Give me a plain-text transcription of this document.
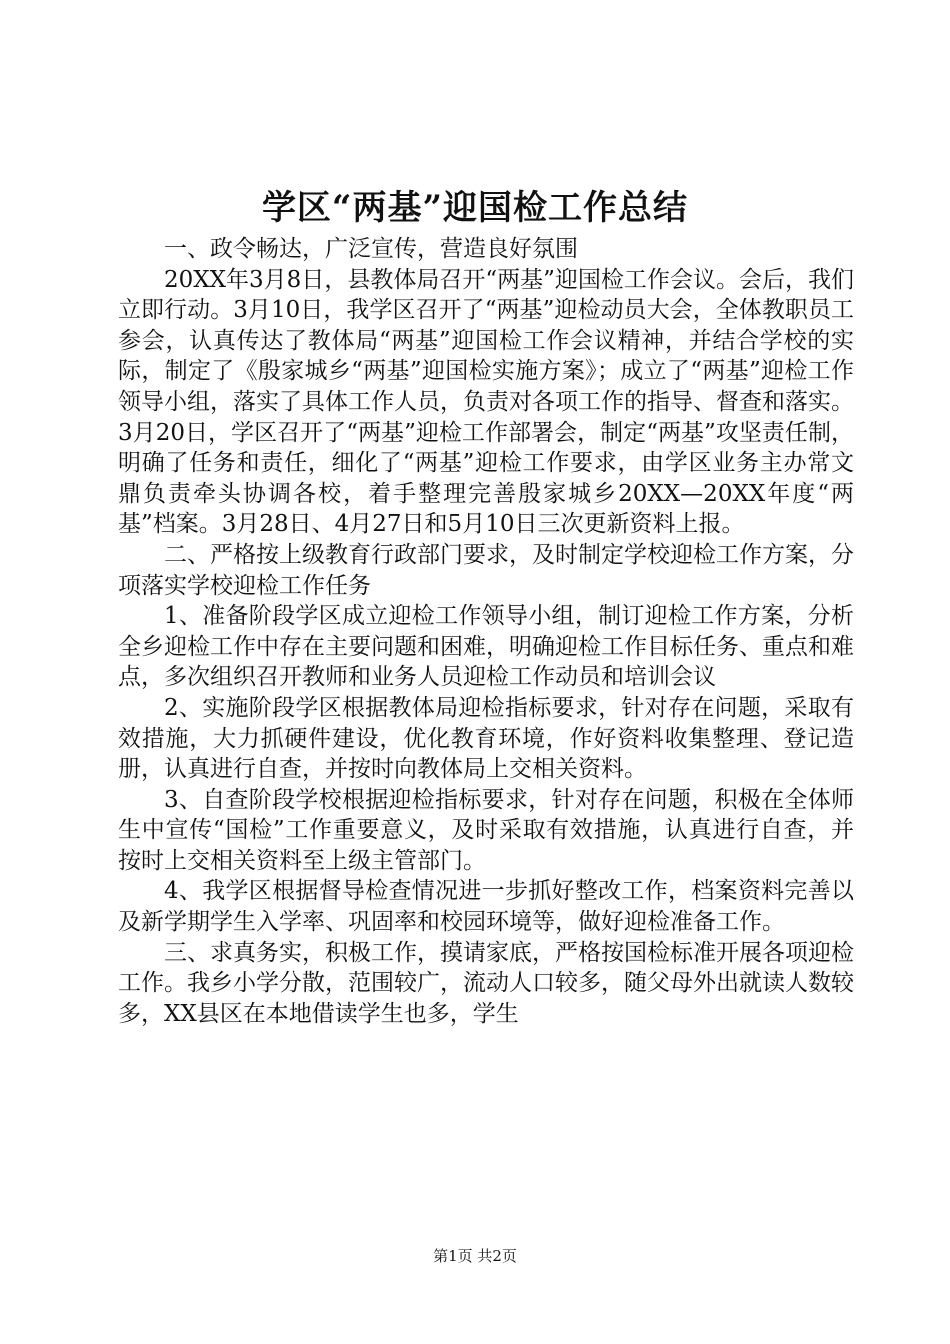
学区“两基”迎国检工作总结

一、政令畅达，广泛宣传，营造良好氛围

20XX年3月8日，县教体局召开“两基”迎国检工作会议。会后，我们立即行动。3月10日，我学区召开了“两基”迎检动员大会，全体教职员工参会，认真传达了教体局“两基”迎国检工作会议精神，并结合学校的实际，制定了《殷家城乡“两基”迎国检实施方案》；成立了“两基”迎检工作领导小组，落实了具体工作人员，负责对各项工作的指导、督查和落实。3月20日，学区召开了“两基”迎检工作部署会，制定“两基”攻坚责任制，明确了任务和责任，细化了“两基”迎检工作要求，由学区业务主办常文鼎负责牵头协调各校，着手整理完善殷家城乡20XX—20XX年度“两基”档案。3月28日、4月27日和5月10日三次更新资料上报。

二、严格按上级教育行政部门要求，及时制定学校迎检工作方案，分项落实学校迎检工作任务

1、准备阶段学区成立迎检工作领导小组，制订迎检工作方案，分析全乡迎检工作中存在主要问题和困难，明确迎检工作目标任务、重点和难点，多次组织召开教师和业务人员迎检工作动员和培训会议

2、实施阶段学区根据教体局迎检指标要求，针对存在问题，采取有效措施，大力抓硬件建设，优化教育环境，作好资料收集整理、登记造册，认真进行自查，并按时向教体局上交相关资料。

3、自查阶段学校根据迎检指标要求，针对存在问题，积极在全体师生中宣传“国检”工作重要意义，及时采取有效措施，认真进行自查，并按时上交相关资料至上级主管部门。

4、我学区根据督导检查情况进一步抓好整改工作，档案资料完善以及新学期学生入学率、巩固率和校园环境等，做好迎检准备工作。

三、求真务实，积极工作，摸请家底，严格按国检标准开展各项迎检工作。我乡小学分散，范围较广，流动人口较多，随父母外出就读人数较多，XX县区在本地借读学生也多，学生

第1页 共2页
